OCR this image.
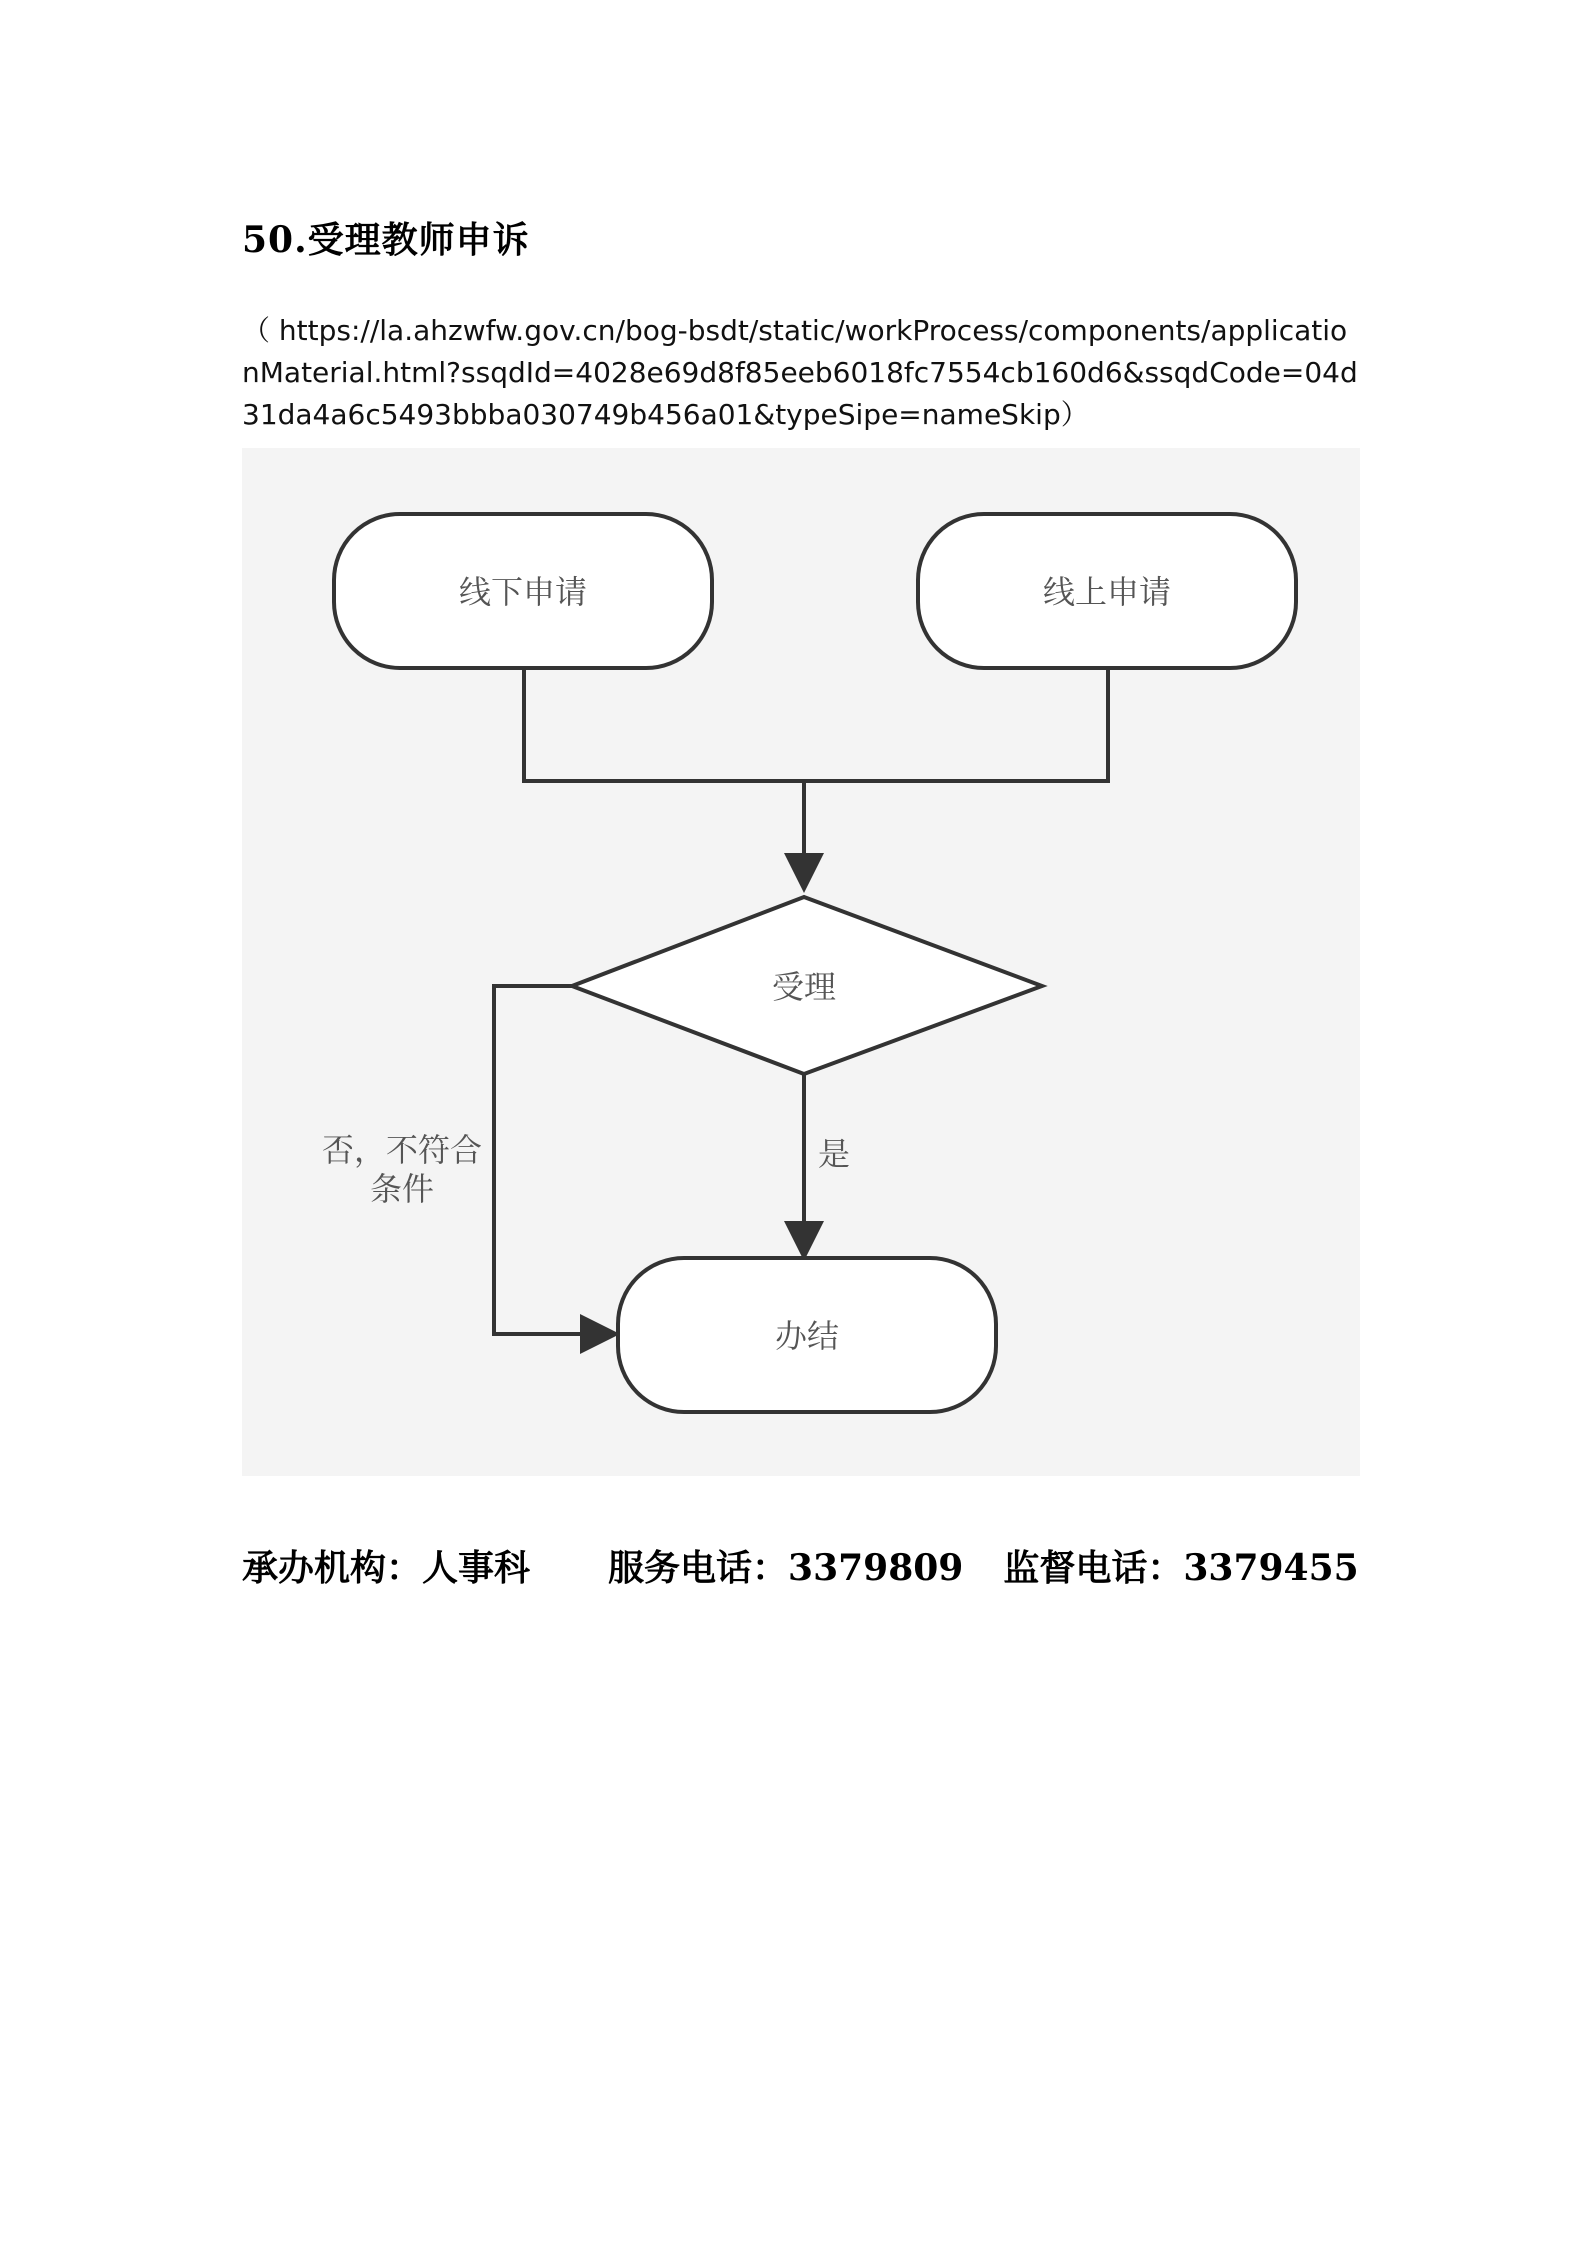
50.受理教师申诉
（ https://la.ahzwfw.gov.cn/bog-bsdt/static/workProcess/components/applicationMaterial.html?ssqdId=4028e69d8f85eeb6018fc7554cb160d6&ssqdCode=04d31da4a6c5493bbba030749b456a01&typeSipe=nameSkip）
线下申请	线上申请
受理
办结
是
否，不符合
条件
承办机构：人事科 服务电话：3379809 监督电话：3379455
